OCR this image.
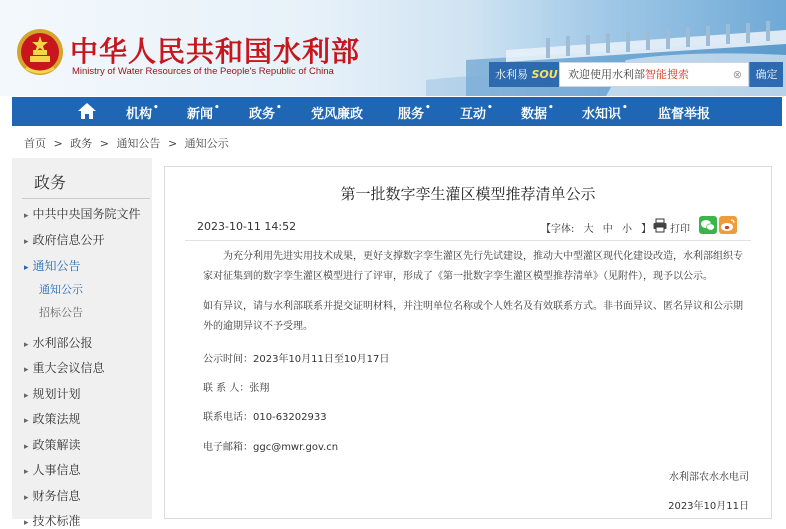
中华人民共和国水利部
Ministry of Water Resources of the People's Republic of China	水利易 SOU 欢迎使用水利部智能搜索	⊗	确定
机构• 新闻• 政务• 党风廉政	服务• 互动• 数据• 水知识• 监督举报
首页 > 政务 > 通知公告 > 通知公示
政务
▸ 中共中央国务院文件
▸ 政府信息公开
▸ 通知公告
通知公示
招标公告
▸ 水利部公报
▸ 重大会议信息
▸ 规划计划
▸ 政策法规
▸ 政策解读
▸ 人事信息
▸ 财务信息
▸ 技术标准
第一批数字孪生灌区模型推荐清单公示
2023-10-11 14:52	【字体: 大 中 小 】 打印
为充分利用先进实用技术成果，更好支撑数字孪生灌区先行先试建设，推动大中型灌区现代化建设改造，水利部组织专家对征集到的数字孪生灌区模型进行了评审，形成了《第一批数字孪生灌区模型推荐清单》（见附件），现予以公示。
如有异议，请与水利部联系并提交证明材料，并注明单位名称或个人姓名及有效联系方式。非书面异议、匿名异议和公示期外的逾期异议不予受理。
公示时间：2023年10月11日至10月17日
联 系 人：张翔
联系电话：010-63202933
电子邮箱：ggc@mwr.gov.cn
水利部农水水电司
2023年10月11日
